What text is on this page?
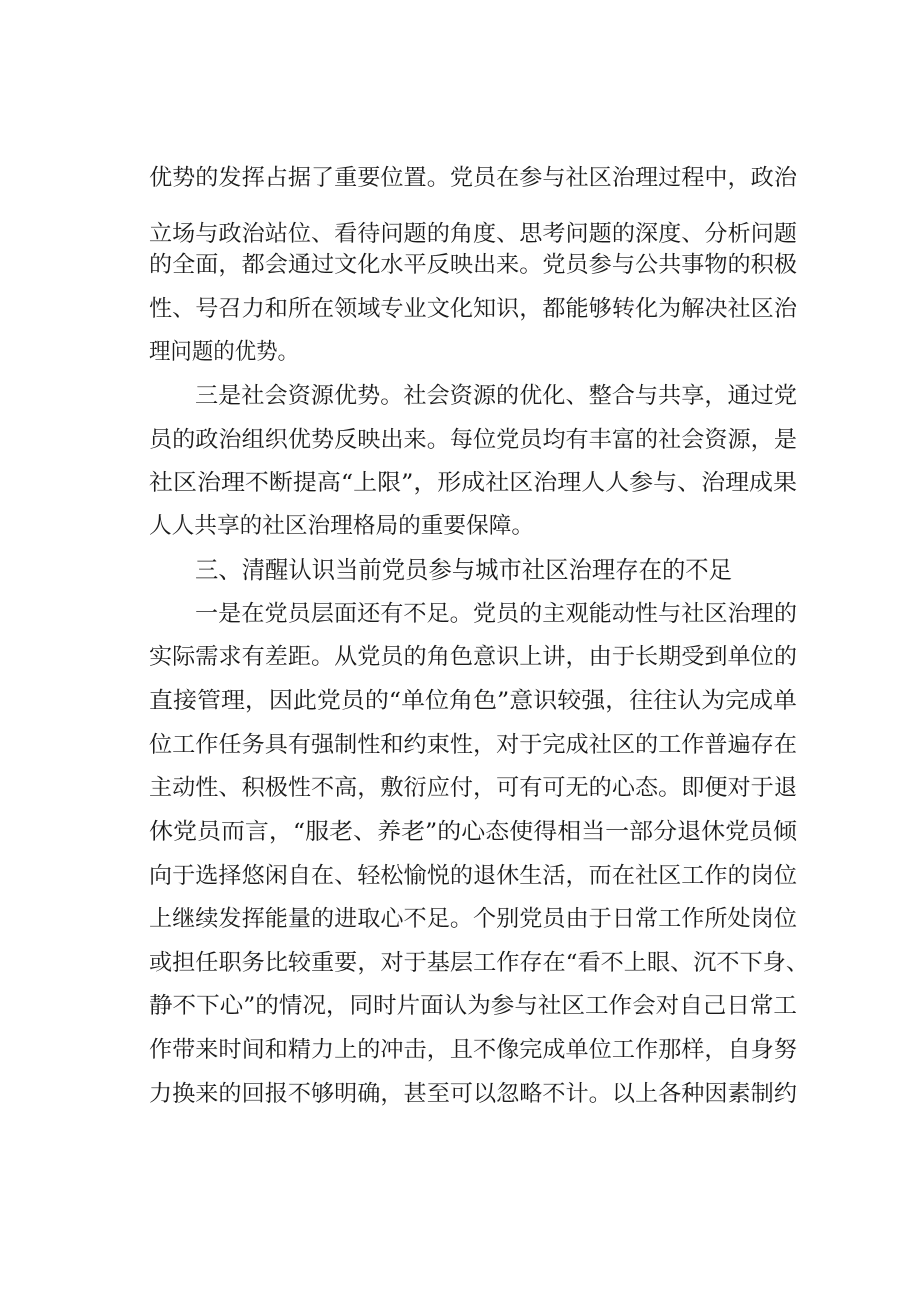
优势的发挥占据了重要位置。党员在参与社区治理过程中，政治
立场与政治站位、看待问题的角度、思考问题的深度、分析问题
的全面，都会通过文化水平反映出来。党员参与公共事物的积极
性、号召力和所在领域专业文化知识，都能够转化为解决社区治
理问题的优势。
三是社会资源优势。社会资源的优化、整合与共享，通过党
员的政治组织优势反映出来。每位党员均有丰富的社会资源，是
社区治理不断提高“上限”，形成社区治理人人参与、治理成果
人人共享的社区治理格局的重要保障。
三、清醒认识当前党员参与城市社区治理存在的不足
一是在党员层面还有不足。党员的主观能动性与社区治理的
实际需求有差距。从党员的角色意识上讲，由于长期受到单位的
直接管理，因此党员的“单位角色”意识较强，往往认为完成单
位工作任务具有强制性和约束性，对于完成社区的工作普遍存在
主动性、积极性不高，敷衍应付，可有可无的心态。即便对于退
休党员而言，“服老、养老”的心态使得相当一部分退休党员倾
向于选择悠闲自在、轻松愉悦的退休生活，而在社区工作的岗位
上继续发挥能量的进取心不足。个别党员由于日常工作所处岗位
或担任职务比较重要，对于基层工作存在“看不上眼、沉不下身、
静不下心”的情况，同时片面认为参与社区工作会对自己日常工
作带来时间和精力上的冲击，且不像完成单位工作那样，自身努
力换来的回报不够明确，甚至可以忽略不计。以上各种因素制约
